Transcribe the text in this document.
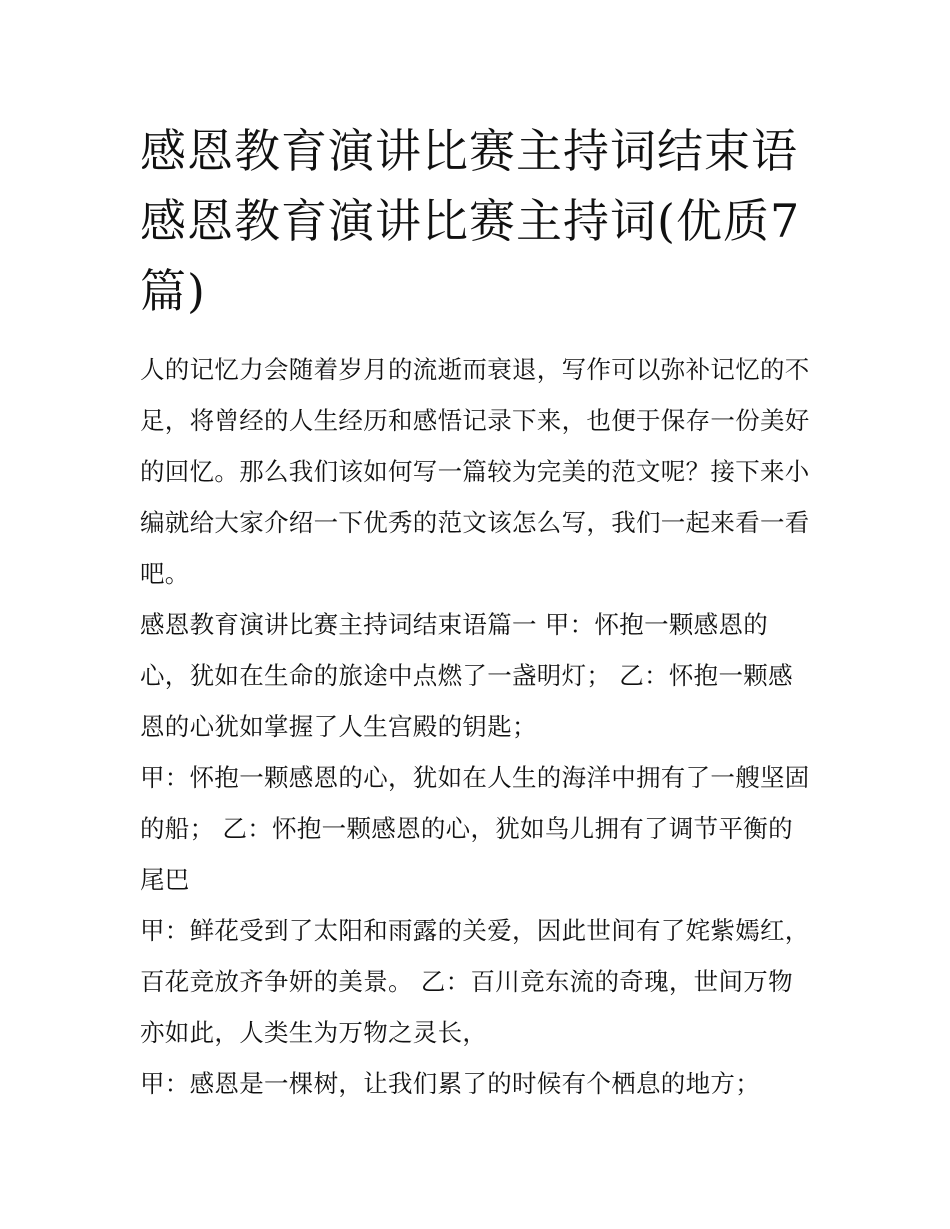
感恩教育演讲比赛主持词结束语 感恩教育演讲比赛主持词(优质7篇)

人的记忆力会随着岁月的流逝而衰退，写作可以弥补记忆的不足，将曾经的人生经历和感悟记录下来，也便于保存一份美好的回忆。那么我们该如何写一篇较为完美的范文呢？接下来小编就给大家介绍一下优秀的范文该怎么写，我们一起来看一看吧。

感恩教育演讲比赛主持词结束语篇一 甲：怀抱一颗感恩的心，犹如在生命的旅途中点燃了一盏明灯； 乙：怀抱一颗感恩的心犹如掌握了人生宫殿的钥匙；

甲：怀抱一颗感恩的心，犹如在人生的海洋中拥有了一艘坚固的船； 乙：怀抱一颗感恩的心，犹如鸟儿拥有了调节平衡的尾巴

甲：鲜花受到了太阳和雨露的关爱，因此世间有了姹紫嫣红，百花竞放齐争妍的美景。 乙：百川竞东流的奇瑰，世间万物亦如此，人类生为万物之灵长，

甲：感恩是一棵树，让我们累了的时候有个栖息的地方；
